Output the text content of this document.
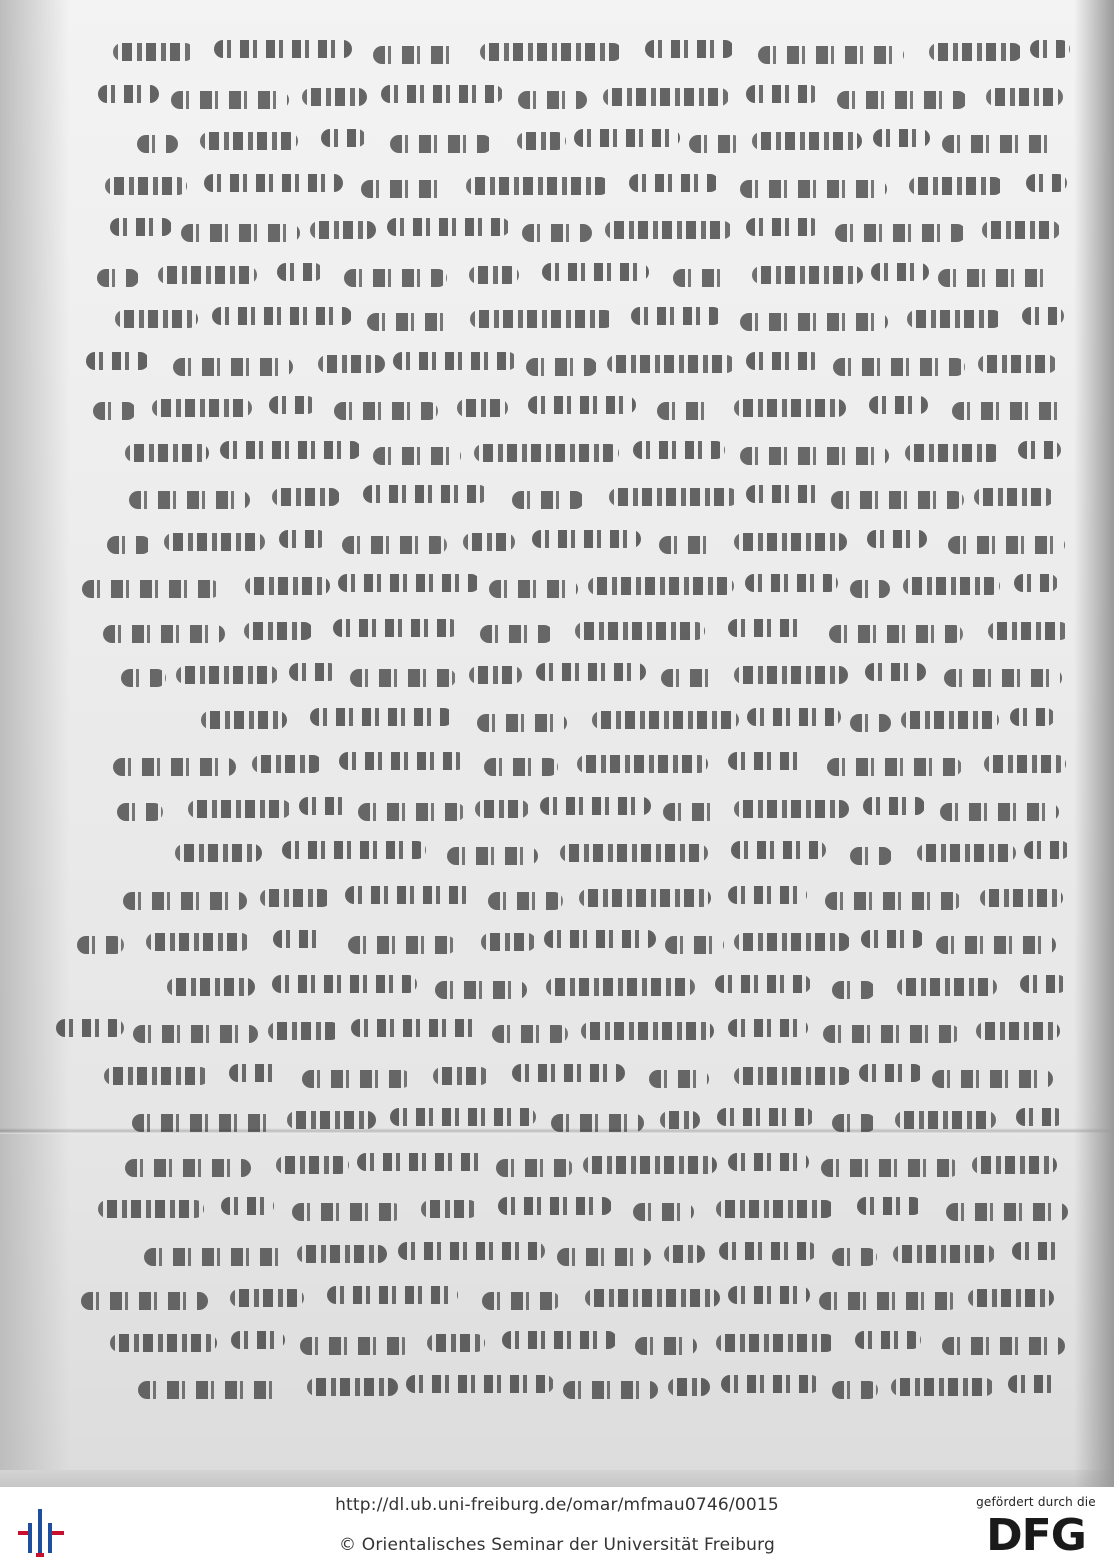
http://dl.ub.uni-freiburg.de/omar/mfmau0746/0015
© Orientalisches Seminar der Universität Freiburg
gefördert durch die
DFG
